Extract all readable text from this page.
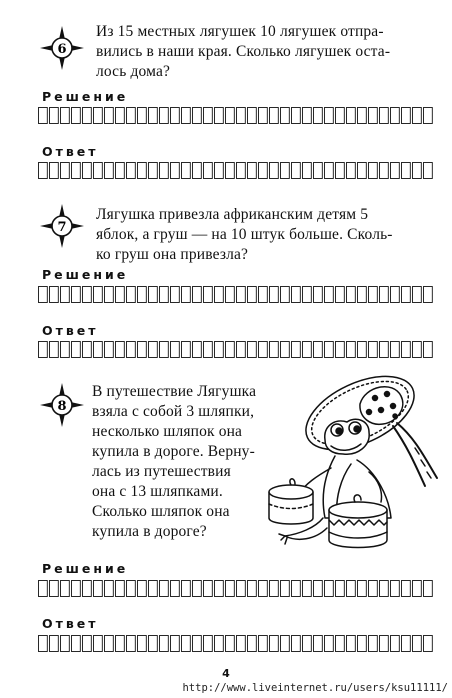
6
Из 15 местных лягушек 10 лягушек отпра-
вились в наши края. Сколько лягушек оста-
лось дома?
Решение
Ответ
7
Лягушка привезла африканским детям 5
яблок, а груш — на 10 штук больше. Сколь-
ко груш она привезла?
Решение
Ответ
8
В путешествие Лягушка
взяла с собой 3 шляпки,
несколько шляпок она
купила в дороге. Верну-
лась из путешествия
она с 13 шляпками.
Сколько шляпок она
купила в дороге?
Решение
Ответ
4
http://www.liveinternet.ru/users/ksu11111/
